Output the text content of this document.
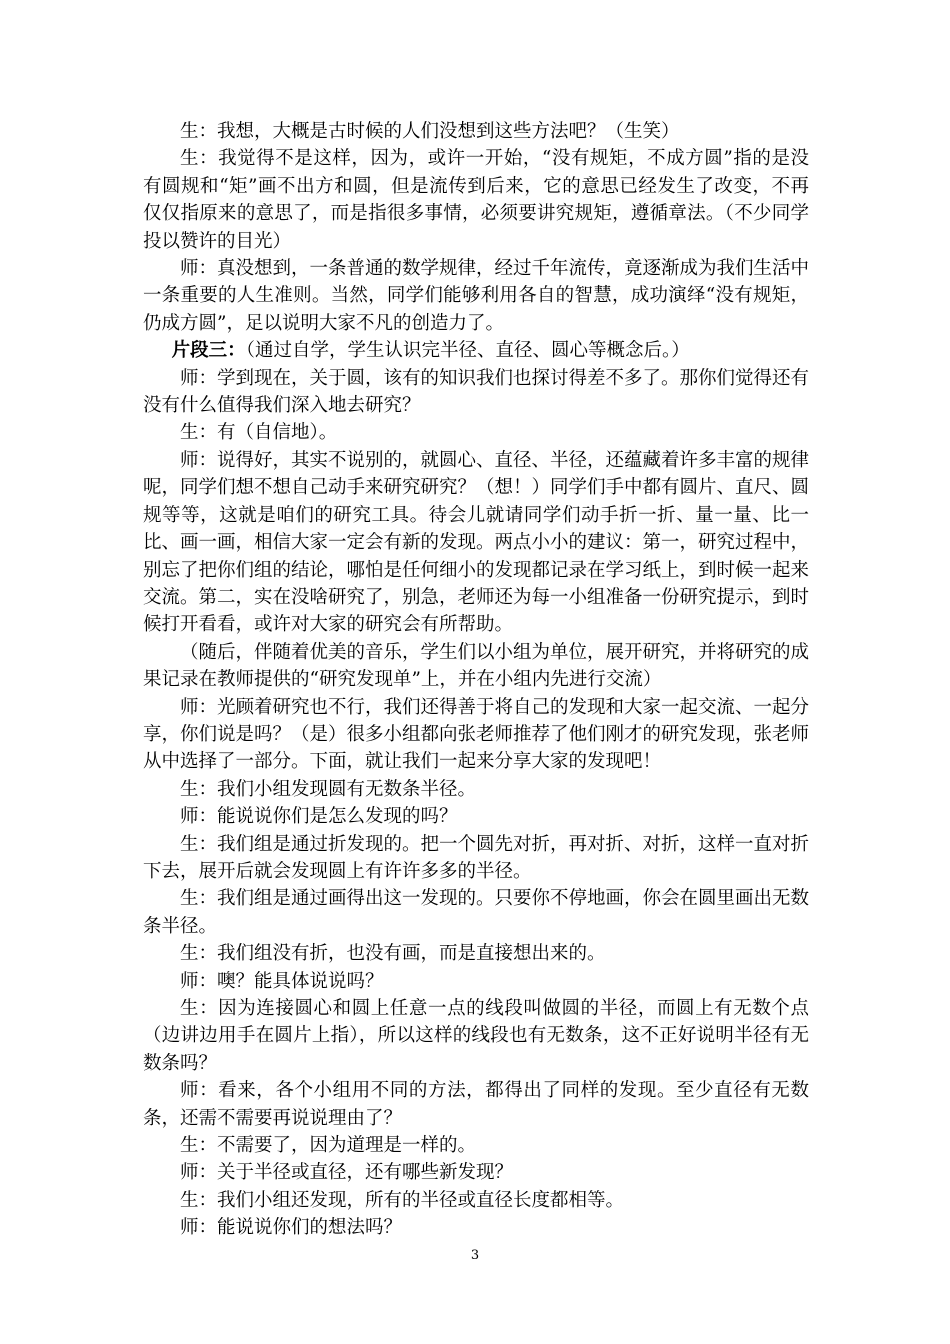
生：我想，大概是古时候的人们没想到这些方法吧？（生笑）

生：我觉得不是这样，因为，或许一开始，“没有规矩，不成方圆”指的是没有圆规和“矩”画不出方和圆，但是流传到后来，它的意思已经发生了改变，不再仅仅指原来的意思了，而是指很多事情，必须要讲究规矩，遵循章法。（不少同学投以赞许的目光）

师：真没想到，一条普通的数学规律，经过千年流传，竟逐渐成为我们生活中一条重要的人生准则。当然，同学们能够利用各自的智慧，成功演绎“没有规矩，仍成方圆”，足以说明大家不凡的创造力了。

片段三：（通过自学，学生认识完半径、直径、圆心等概念后。）

师：学到现在，关于圆，该有的知识我们也探讨得差不多了。那你们觉得还有没有什么值得我们深入地去研究？

生：有（自信地）。

师：说得好，其实不说别的，就圆心、直径、半径，还蕴藏着许多丰富的规律呢，同学们想不想自己动手来研究研究？（想！）同学们手中都有圆片、直尺、圆规等等，这就是咱们的研究工具。待会儿就请同学们动手折一折、量一量、比一比、画一画，相信大家一定会有新的发现。两点小小的建议：第一，研究过程中，别忘了把你们组的结论，哪怕是任何细小的发现都记录在学习纸上，到时候一起来交流。第二，实在没啥研究了，别急，老师还为每一小组准备一份研究提示，到时候打开看看，或许对大家的研究会有所帮助。

（随后，伴随着优美的音乐，学生们以小组为单位，展开研究，并将研究的成果记录在教师提供的“研究发现单”上，并在小组内先进行交流）

师：光顾着研究也不行，我们还得善于将自己的发现和大家一起交流、一起分享，你们说是吗？（是）很多小组都向张老师推荐了他们刚才的研究发现，张老师从中选择了一部分。下面，就让我们一起来分享大家的发现吧！

生：我们小组发现圆有无数条半径。

师：能说说你们是怎么发现的吗？

生：我们组是通过折发现的。把一个圆先对折，再对折、对折，这样一直对折下去，展开后就会发现圆上有许许多多的半径。

生：我们组是通过画得出这一发现的。只要你不停地画，你会在圆里画出无数条半径。

生：我们组没有折，也没有画，而是直接想出来的。

师：噢？能具体说说吗？

生：因为连接圆心和圆上任意一点的线段叫做圆的半径，而圆上有无数个点（边讲边用手在圆片上指），所以这样的线段也有无数条，这不正好说明半径有无数条吗？

师：看来，各个小组用不同的方法，都得出了同样的发现。至少直径有无数条，还需不需要再说说理由了？

生：不需要了，因为道理是一样的。

师：关于半径或直径，还有哪些新发现？

生：我们小组还发现，所有的半径或直径长度都相等。

师：能说说你们的想法吗？

3
